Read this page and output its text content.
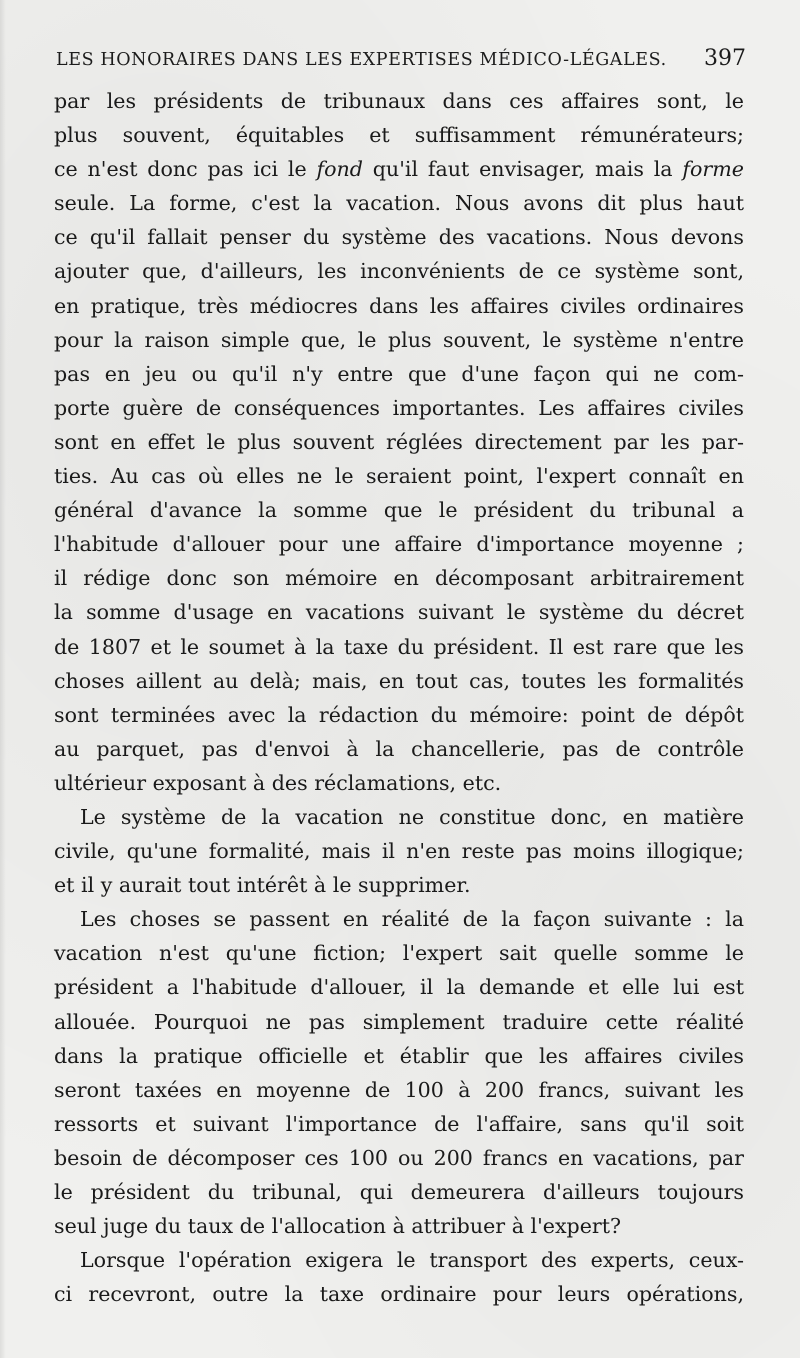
LES HONORAIRES DANS LES EXPERTISES MÉDICO-LÉGALES. 397
par les présidents de tribunaux dans ces affaires sont, le
plus souvent, équitables et suffisamment rémunérateurs;
ce n'est donc pas ici le fond qu'il faut envisager, mais la forme
seule. La forme, c'est la vacation. Nous avons dit plus haut
ce qu'il fallait penser du système des vacations. Nous devons
ajouter que, d'ailleurs, les inconvénients de ce système sont,
en pratique, très médiocres dans les affaires civiles ordinaires
pour la raison simple que, le plus souvent, le système n'entre
pas en jeu ou qu'il n'y entre que d'une façon qui ne com-
porte guère de conséquences importantes. Les affaires civiles
sont en effet le plus souvent réglées directement par les par-
ties. Au cas où elles ne le seraient point, l'expert connaît en
général d'avance la somme que le président du tribunal a
l'habitude d'allouer pour une affaire d'importance moyenne ;
il rédige donc son mémoire en décomposant arbitrairement
la somme d'usage en vacations suivant le système du décret
de 1807 et le soumet à la taxe du président. Il est rare que les
choses aillent au delà; mais, en tout cas, toutes les formalités
sont terminées avec la rédaction du mémoire: point de dépôt
au parquet, pas d'envoi à la chancellerie, pas de contrôle
ultérieur exposant à des réclamations, etc.
Le système de la vacation ne constitue donc, en matière
civile, qu'une formalité, mais il n'en reste pas moins illogique;
et il y aurait tout intérêt à le supprimer.
Les choses se passent en réalité de la façon suivante : la
vacation n'est qu'une fiction; l'expert sait quelle somme le
président a l'habitude d'allouer, il la demande et elle lui est
allouée. Pourquoi ne pas simplement traduire cette réalité
dans la pratique officielle et établir que les affaires civiles
seront taxées en moyenne de 100 à 200 francs, suivant les
ressorts et suivant l'importance de l'affaire, sans qu'il soit
besoin de décomposer ces 100 ou 200 francs en vacations, par
le président du tribunal, qui demeurera d'ailleurs toujours
seul juge du taux de l'allocation à attribuer à l'expert?
Lorsque l'opération exigera le transport des experts, ceux-
ci recevront, outre la taxe ordinaire pour leurs opérations,
